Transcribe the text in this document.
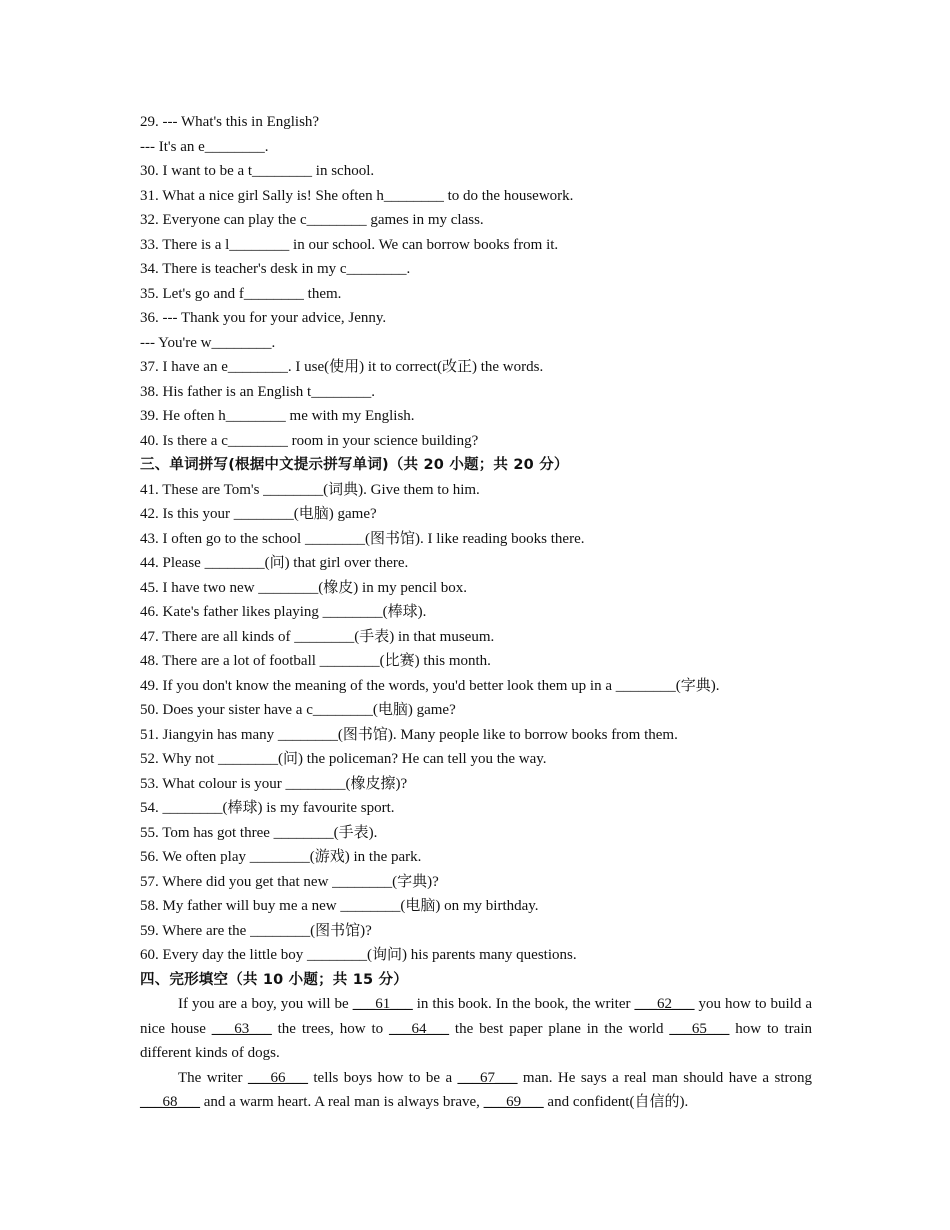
29. --- What's this in English?
--- It's an e________.
30. I want to be a t________ in school.
31. What a nice girl Sally is! She often h________ to do the housework.
32. Everyone can play the c________ games in my class.
33. There is a l________ in our school. We can borrow books from it.
34. There is teacher's desk in my c________.
35. Let's go and f________ them.
36. --- Thank you for your advice, Jenny.
--- You're w________.
37. I have an e________. I use(使用) it to correct(改正) the words.
38. His father is an English t________.
39. He often h________ me with my English.
40. Is there a c________ room in your science building?
三、单词拼写(根据中文提示拼写单词)（共 20 小题；共 20 分）
41. These are Tom's ________(词典). Give them to him.
42. Is this your ________(电脑) game?
43. I often go to the school ________(图书馆). I like reading books there.
44. Please ________(问) that girl over there.
45. I have two new ________(橡皮) in my pencil box.
46. Kate's father likes playing ________(棒球).
47. There are all kinds of ________(手表) in that museum.
48. There are a lot of football ________(比赛) this month.
49. If you don't know the meaning of the words, you'd better look them up in a ________(字典).
50. Does your sister have a c________(电脑) game?
51. Jiangyin has many ________(图书馆). Many people like to borrow books from them.
52. Why not ________(问) the policeman? He can tell you the way.
53. What colour is your ________(橡皮擦)?
54. ________(棒球) is my favourite sport.
55. Tom has got three ________(手表).
56. We often play ________(游戏) in the park.
57. Where did you get that new ________(字典)?
58. My father will buy me a new ________(电脑) on my birthday.
59. Where are the ________(图书馆)?
60. Every day the little boy ________(询问) his parents many questions.
四、完形填空（共 10 小题；共 15 分）

If you are a boy, you will be ___61___ in this book. In the book, the writer ___62___ you how to build a nice house ___63___ the trees, how to ___64___ the best paper plane in the world ___65___ how to train different kinds of dogs.

The writer ___66___ tells boys how to be a ___67___ man. He says a real man should have a strong ___68___ and a warm heart. A real man is always brave, ___69___ and confident(自信的).
